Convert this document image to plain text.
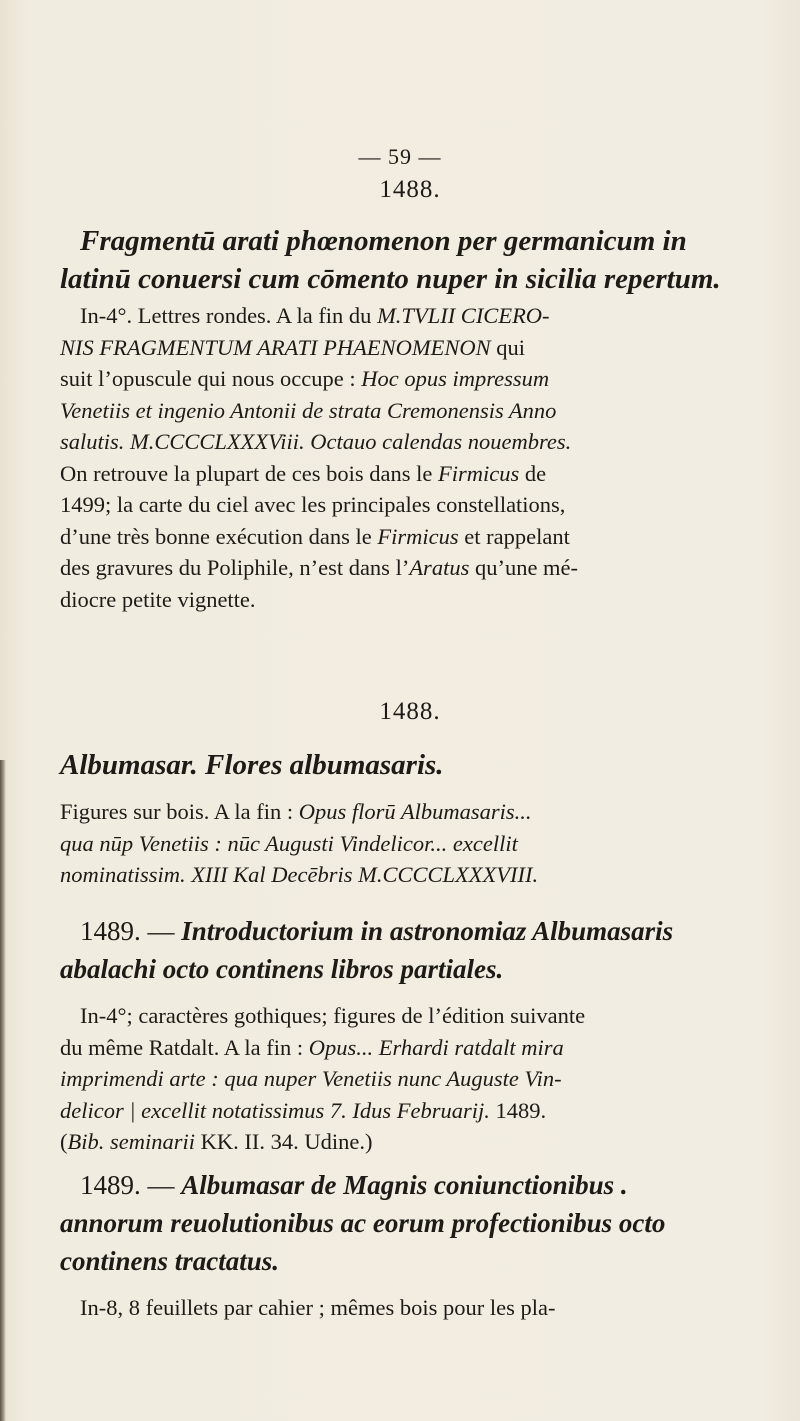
— 59 —
1488.
Fragmentū arati phœnomenon per germanicum in
latinū conuersi cum cōmento nuper in sicilia repertum.

In-4°. Lettres rondes. A la fin du M.TVLII CICERO-

NIS FRAGMENTUM ARATI PHAENOMENON qui

suit l’opuscule qui nous occupe : Hoc opus impressum

Venetiis et ingenio Antonii de strata Cremonensis Anno

salutis. M.CCCCLXXXViii. Octauo calendas nouembres.

On retrouve la plupart de ces bois dans le Firmicus de

1499; la carte du ciel avec les principales constellations,

d’une très bonne exécution dans le Firmicus et rappelant

des gravures du Poliphile, n’est dans l’Aratus qu’une mé-

diocre petite vignette.

1488.
Albumasar. Flores albumasaris.

Figures sur bois. A la fin : Opus florū Albumasaris...

qua nūp Venetiis : nūc Augusti Vindelicor... excellit

nominatissim. XIII Kal Decēbris M.CCCCLXXXVIII.

1489. — Introductorium in astronomiaz Albumasaris
abalachi octo continens libros partiales.

In-4°; caractères gothiques; figures de l’édition suivante

du même Ratdalt. A la fin : Opus... Erhardi ratdalt mira

imprimendi arte : qua nuper Venetiis nunc Auguste Vin-

delicor | excellit notatissimus 7. Idus Februarij. 1489.

(Bib. seminarii KK. II. 34. Udine.)

1489. — Albumasar de Magnis coniunctionibus .
annorum reuolutionibus ac eorum profectionibus octo
continens tractatus.

In-8, 8 feuillets par cahier ; mêmes bois pour les pla-
